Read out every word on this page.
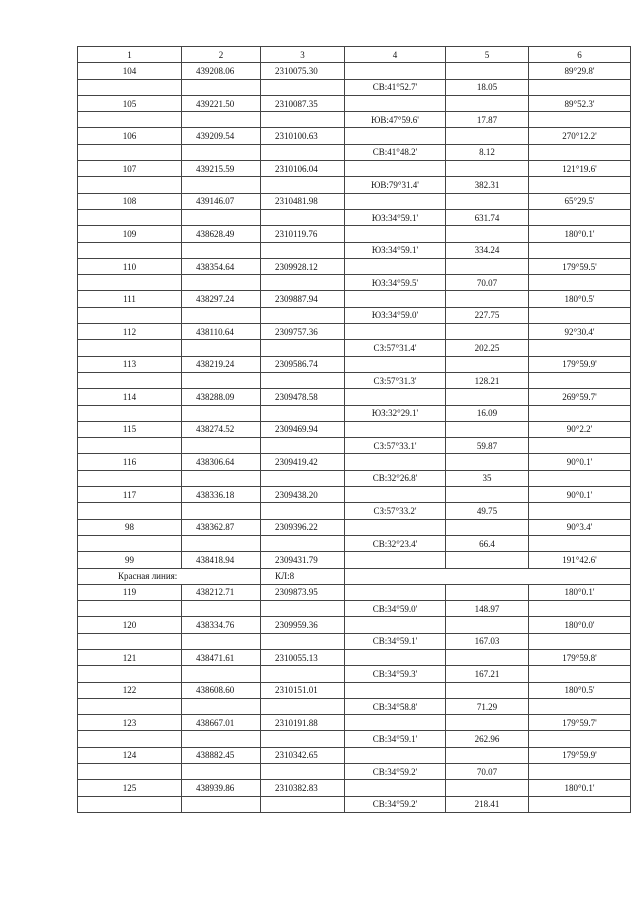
1	2	3	4	5	6
104	439208.06	2310075.30			89°29.8'
			СВ:41°52.7'	18.05	
105	439221.50	2310087.35			89°52.3'
			ЮВ:47°59.6'	17.87	
106	439209.54	2310100.63			270°12.2'
			СВ:41°48.2'	8.12	
107	439215.59	2310106.04			121°19.6'
			ЮВ:79°31.4'	382.31	
108	439146.07	2310481.98			65°29.5'
			ЮЗ:34°59.1'	631.74	
109	438628.49	2310119.76			180°0.1'
			ЮЗ:34°59.1'	334.24	
110	438354.64	2309928.12			179°59.5'
			ЮЗ:34°59.5'	70.07	
111	438297.24	2309887.94			180°0.5'
			ЮЗ:34°59.0'	227.75	
112	438110.64	2309757.36			92°30.4'
			СЗ:57°31.4'	202.25	
113	438219.24	2309586.74			179°59.9'
			СЗ:57°31.3'	128.21	
114	438288.09	2309478.58			269°59.7'
			ЮЗ:32°29.1'	16.09	
115	438274.52	2309469.94			90°2.2'
			СЗ:57°33.1'	59.87	
116	438306.64	2309419.42			90°0.1'
			СВ:32°26.8'	35	
117	438336.18	2309438.20			90°0.1'
			СЗ:57°33.2'	49.75	
98	438362.87	2309396.22			90°3.4'
			СВ:32°23.4'	66.4	
99	438418.94	2309431.79			191°42.6'
Красная линия:		КЛ:8			
119	438212.71	2309873.95			180°0.1'
			СВ:34°59.0'	148.97	
120	438334.76	2309959.36			180°0.0'
			СВ:34°59.1'	167.03	
121	438471.61	2310055.13			179°59.8'
			СВ:34°59.3'	167.21	
122	438608.60	2310151.01			180°0.5'
			СВ:34°58.8'	71.29	
123	438667.01	2310191.88			179°59.7'
			СВ:34°59.1'	262.96	
124	438882.45	2310342.65			179°59.9'
			СВ:34°59.2'	70.07	
125	438939.86	2310382.83			180°0.1'
			СВ:34°59.2'	218.41	
